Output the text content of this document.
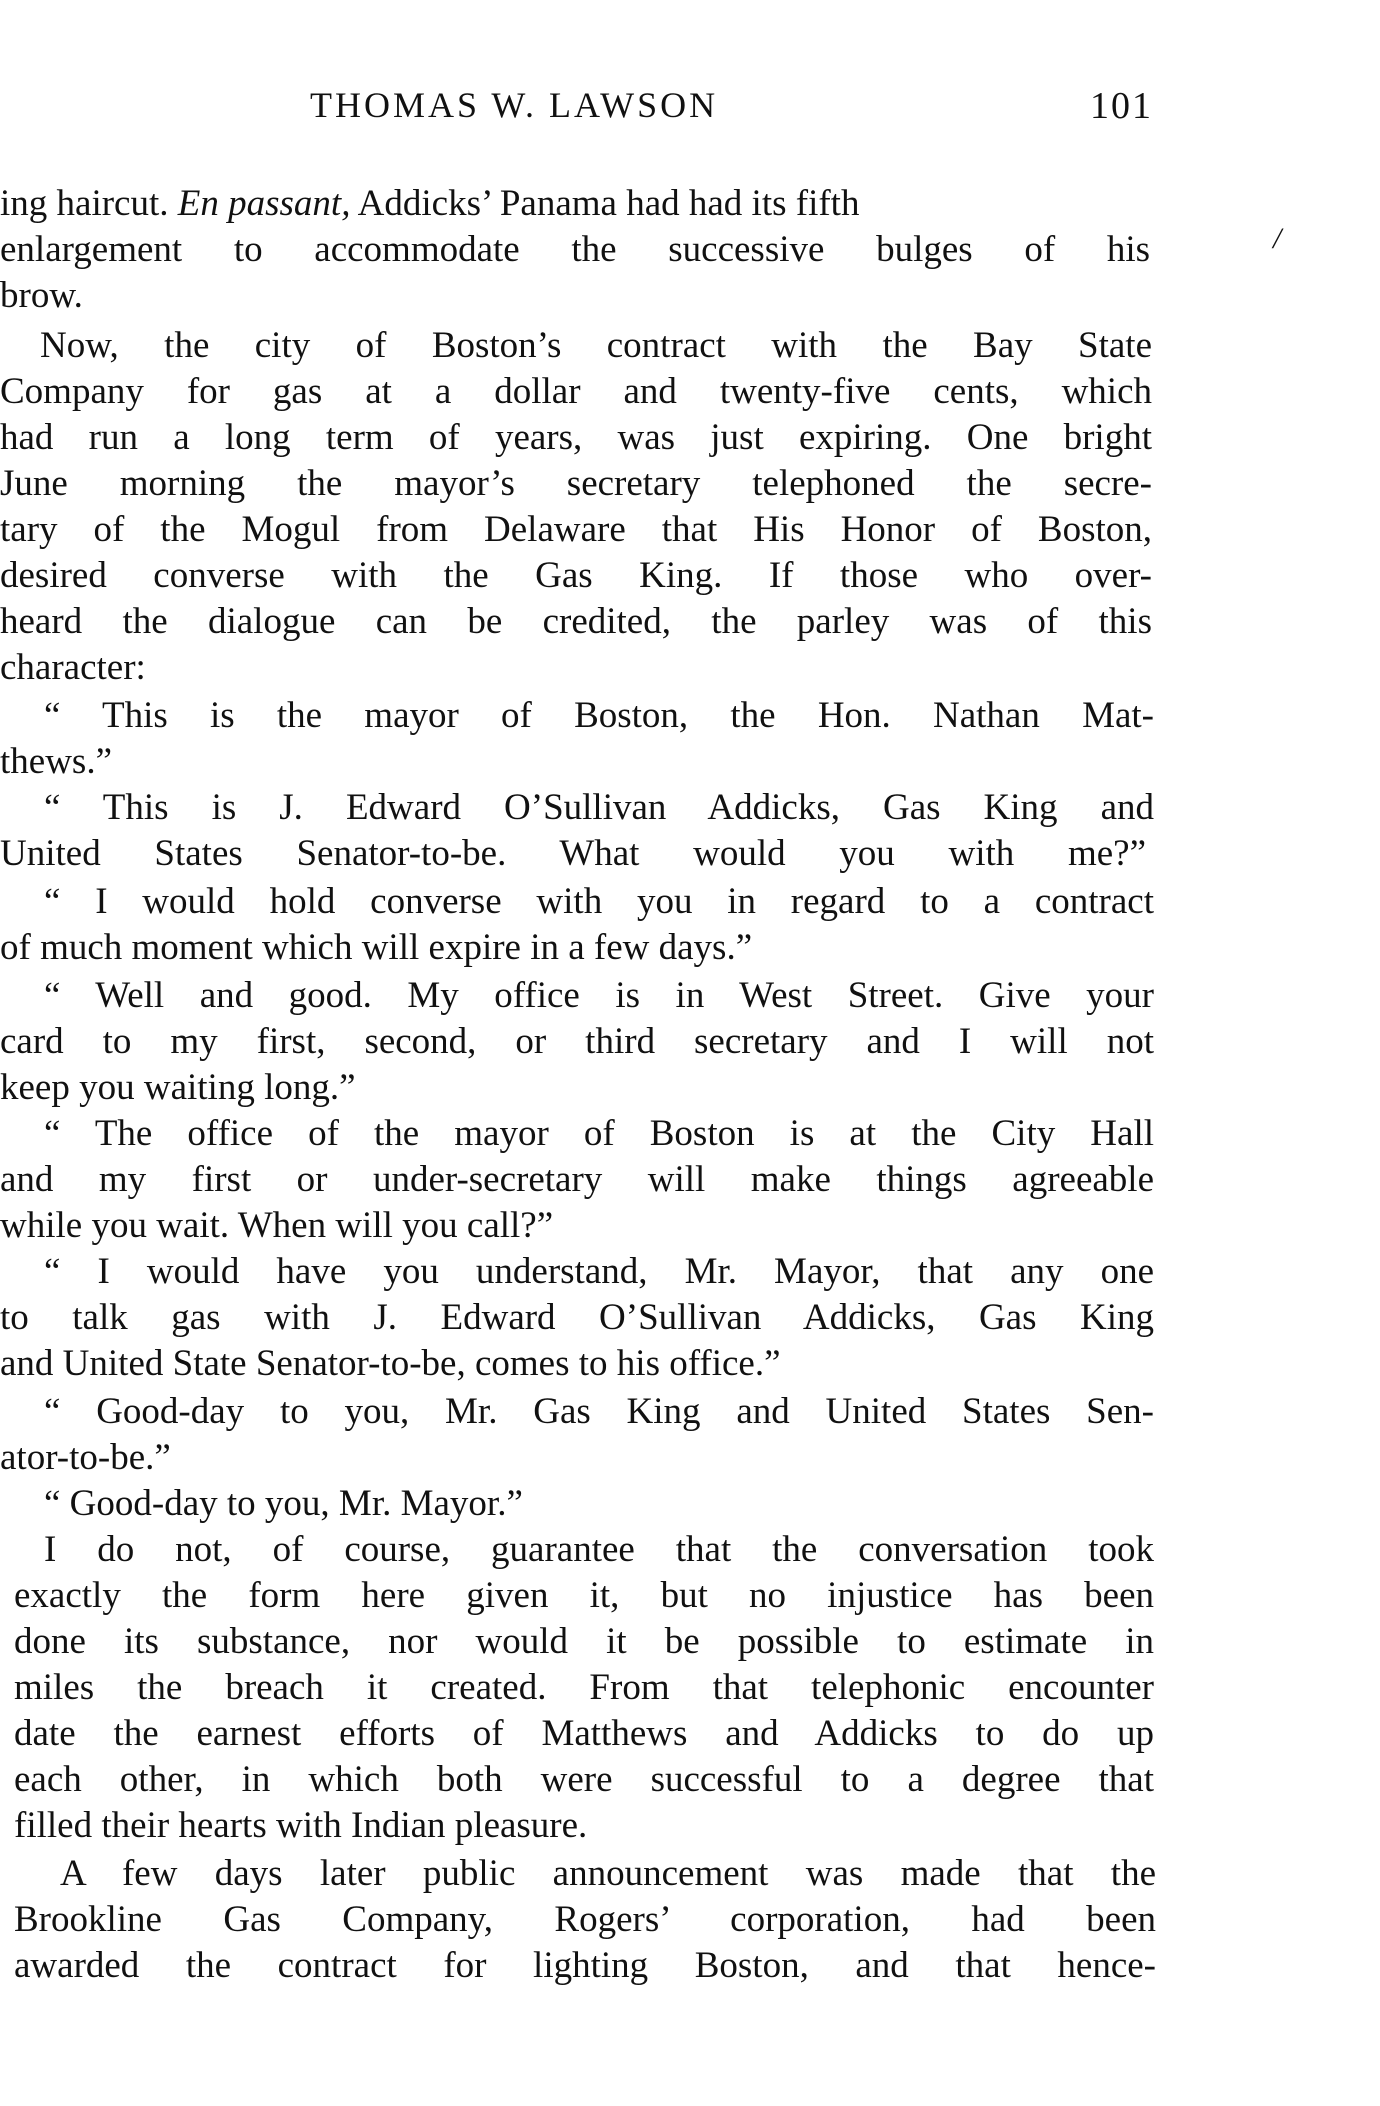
THOMAS W. LAWSON	101
/
ing haircut. En passant, Addicks’ Panama had had its fifth
enlargement to accommodate the successive bulges of his
brow.
Now, the city of Boston’s contract with the Bay State
Company for gas at a dollar and twenty-five cents, which
had run a long term of years, was just expiring. One bright
June morning the mayor’s secretary telephoned the secre-
tary of the Mogul from Delaware that His Honor of Boston,
desired converse with the Gas King. If those who over-
heard the dialogue can be credited, the parley was of this
character:
“ This is the mayor of Boston, the Hon. Nathan Mat-
thews.”
“ This is J. Edward O’Sullivan Addicks, Gas King and
United States Senator-to-be. What would you with me?”
“ I would hold converse with you in regard to a contract
of much moment which will expire in a few days.”
“ Well and good. My office is in West Street. Give your
card to my first, second, or third secretary and I will not
keep you waiting long.”
“ The office of the mayor of Boston is at the City Hall
and my first or under-secretary will make things agreeable
while you wait. When will you call?”
“ I would have you understand, Mr. Mayor, that any one
to talk gas with J. Edward O’Sullivan Addicks, Gas King
and United State Senator-to-be, comes to his office.”
“ Good-day to you, Mr. Gas King and United States Sen-
ator-to-be.”
“ Good-day to you, Mr. Mayor.”
I do not, of course, guarantee that the conversation took
exactly the form here given it, but no injustice has been
done its substance, nor would it be possible to estimate in
miles the breach it created. From that telephonic encounter
date the earnest efforts of Matthews and Addicks to do up
each other, in which both were successful to a degree that
filled their hearts with Indian pleasure.
A few days later public announcement was made that the
Brookline Gas Company, Rogers’ corporation, had been
awarded the contract for lighting Boston, and that hence-
